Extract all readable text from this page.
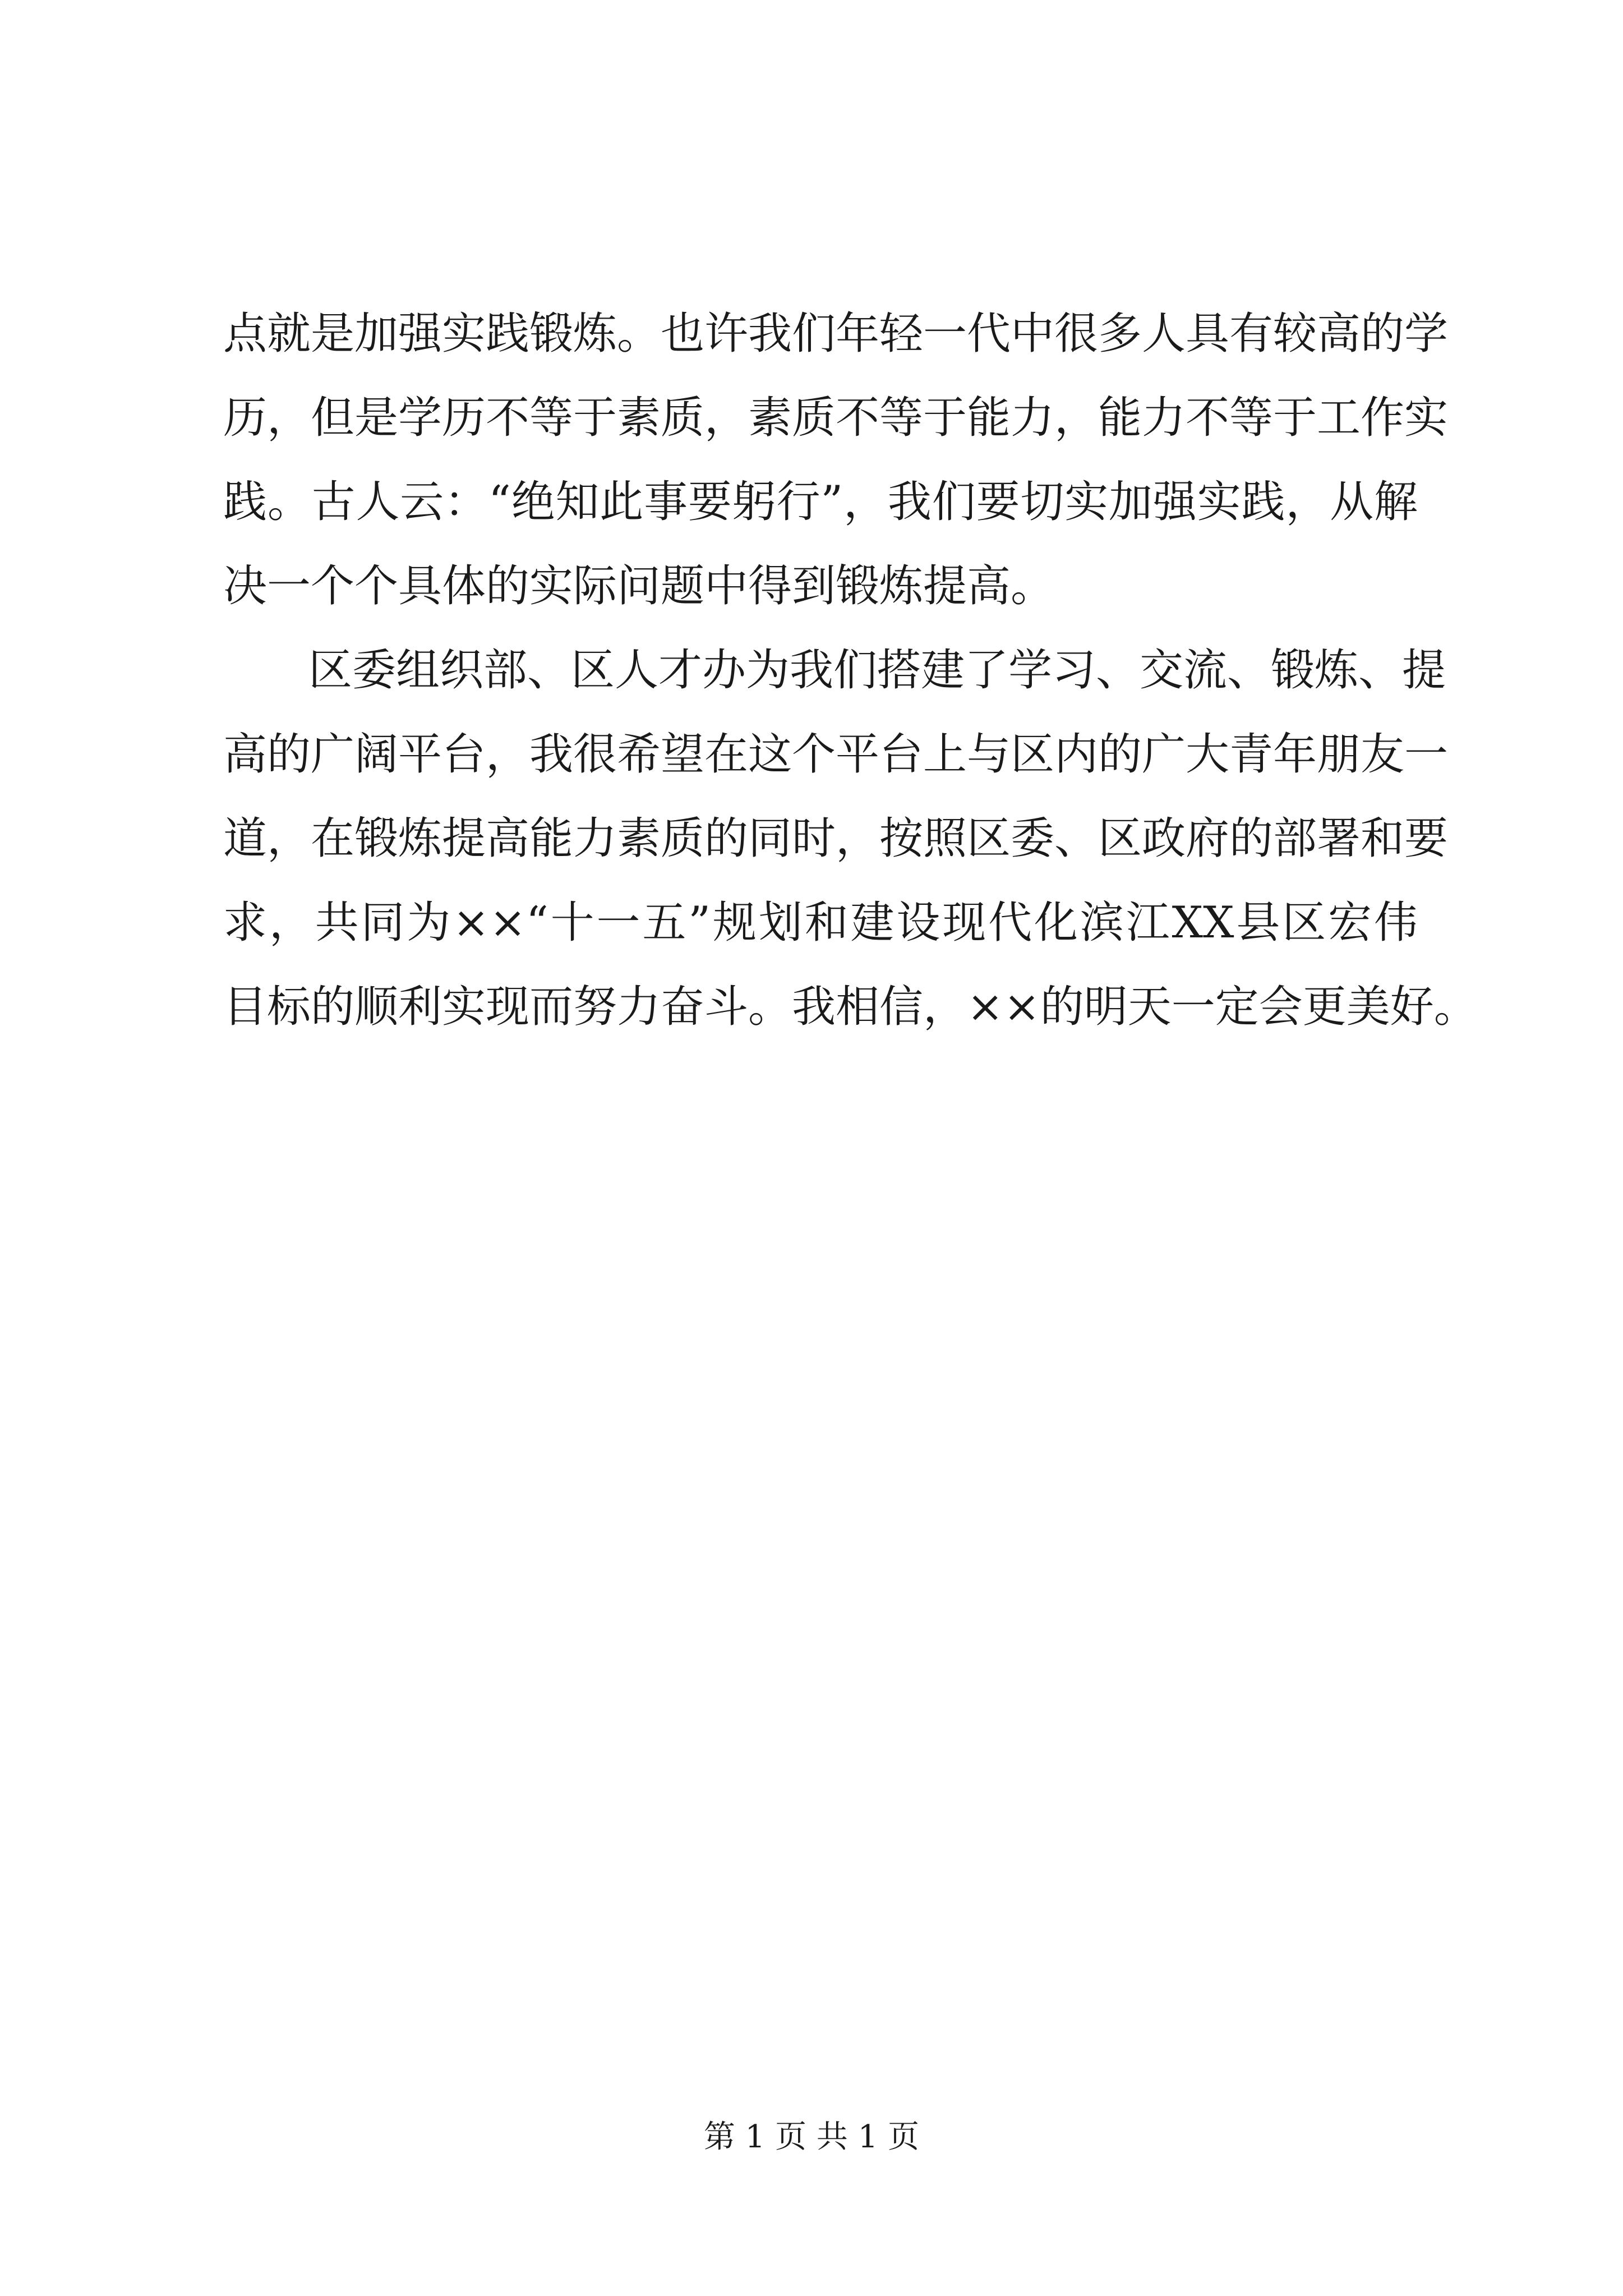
点就是加强实践锻炼。也许我们年轻一代中很多人具有较高的学
历，但是学历不等于素质，素质不等于能力，能力不等于工作实
践。古人云：“绝知此事要躬行”，我们要切实加强实践，从解
决一个个具体的实际问题中得到锻炼提高。
区委组织部、区人才办为我们搭建了学习、交流、锻炼、提
高的广阔平台，我很希望在这个平台上与区内的广大青年朋友一
道，在锻炼提高能力素质的同时，按照区委、区政府的部署和要
求，共同为××“十一五”规划和建设现代化滨江XX县区宏伟
目标的顺利实现而努力奋斗。我相信，××的明天一定会更美好。
第 1 页 共 1 页
